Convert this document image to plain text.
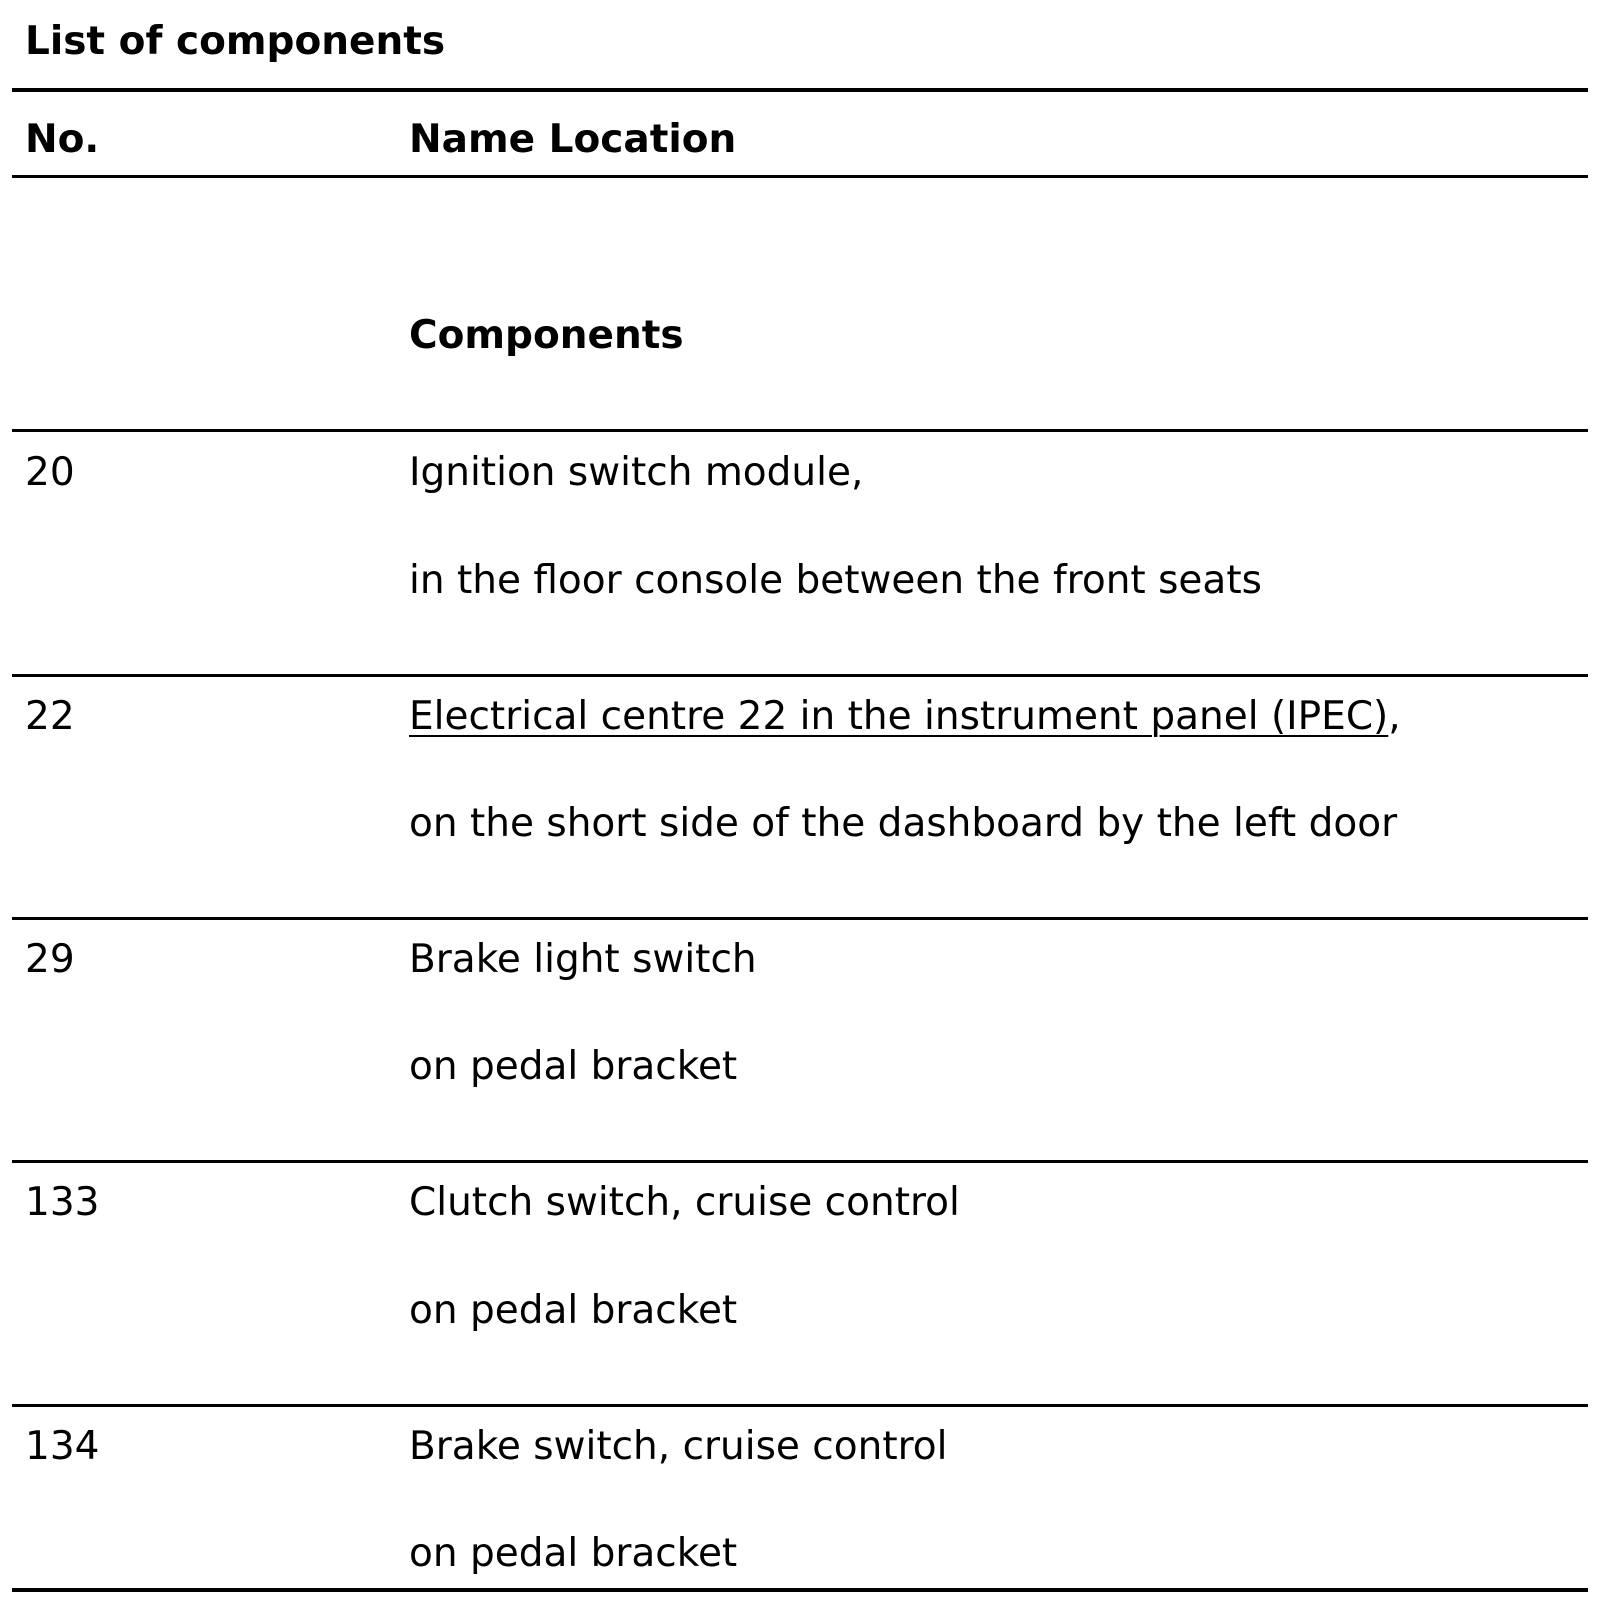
List of components
No.	Name Location
Components
20	Ignition switch module,
in the floor console between the front seats
22	Electrical centre 22 in the instrument panel (IPEC),
on the short side of the dashboard by the left door
29	Brake light switch
on pedal bracket
133	Clutch switch, cruise control
on pedal bracket
134	Brake switch, cruise control
on pedal bracket
